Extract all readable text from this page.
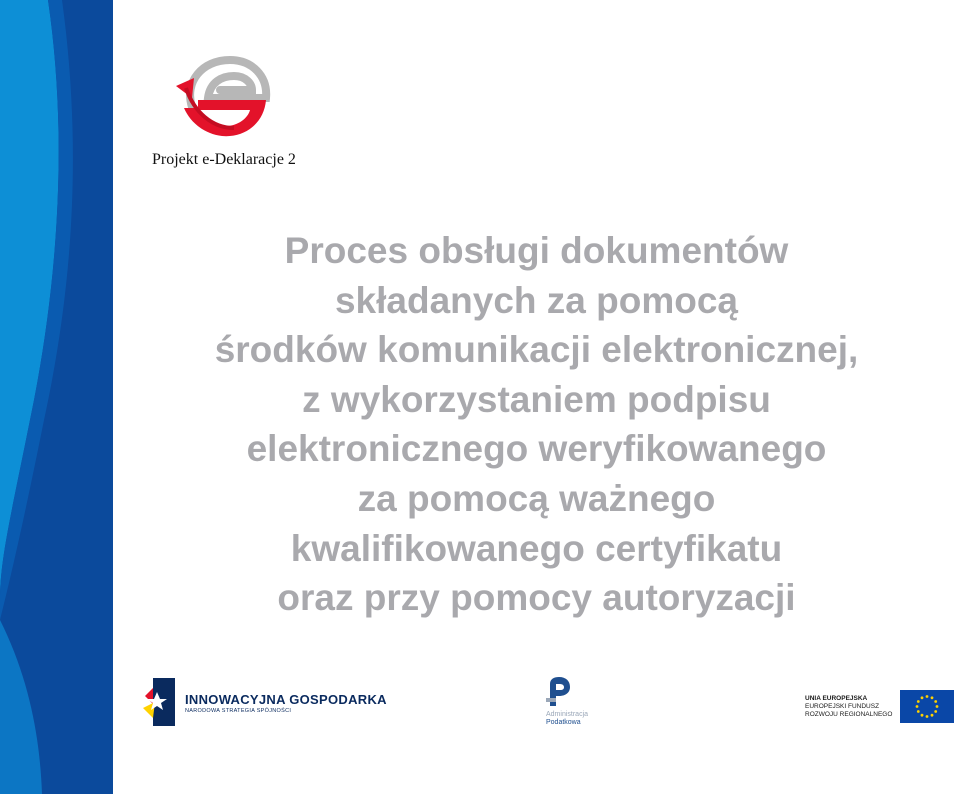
Projekt e-Deklaracje 2

Proces obsługi dokumentów
składanych za pomocą
środków komunikacji elektronicznej,
z wykorzystaniem podpisu
elektronicznego weryfikowanego
za pomocą ważnego
kwalifikowanego certyfikatu
oraz przy pomocy autoryzacji
INNOWACYJNA GOSPODARKA
NARODOWA STRATEGIA SPÓJNOŚCI	Administracja
Podatkowa
UNIA EUROPEJSKA
EUROPEJSKI FUNDUSZ
ROZWOJU REGIONALNEGO
